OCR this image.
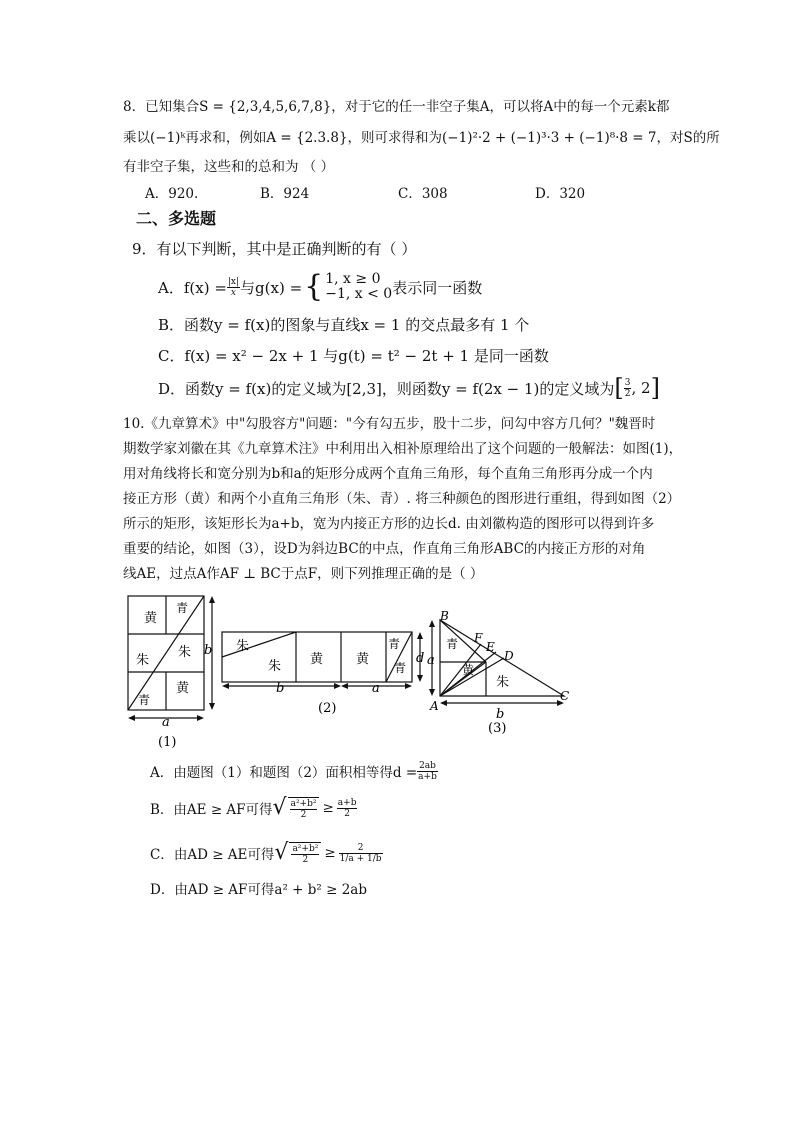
8．已知集合S = {2,3,4,5,6,7,8}，对于它的任一非空子集A，可以将A中的每一个元素k都
乘以(−1)ᵏ再求和，例如A = {2.3.8}，则可求得和为(−1)²·2 + (−1)³·3 + (−1)⁸·8 = 7，对S的所
有非空子集，这些和的总和为 （ ）
A．920.	B．924	C．308	D．320
二、多选题
9．有以下判断，其中是正确判断的有（ ）
A．$f(x) = \frac{|x|}{x}$ 与g(x) = { 1, x ≥ 0
−1, x < 0 表示同一函数
B．函数y = f(x)的图象与直线x = 1 的交点最多有 1 个
C．f(x) = x² − 2x + 1 与g(t) = t² − 2t + 1 是同一函数
D．函数y = f(x)的定义域为[2,3]，则函数y = f(2x − 1)的定义域为 [ $\frac{3}{2}$ , 2 ]
10.《九章算术》中"勾股容方"问题："今有勾五步，股十二步，问勾中容方几何？"魏晋时
期数学家刘徽在其《九章算术注》中利用出入相补原理给出了这个问题的一般解法：如图(1)，
用对角线将长和宽分别为b和a的矩形分成两个直角三角形，每个直角三角形再分成一个内
接正方形（黄）和两个小直角三角形（朱、青）. 将三种颜色的图形进行重组，得到如图（2）
所示的矩形，该矩形长为a+b，宽为内接正方形的边长d. 由刘徽构造的图形可以得到许多
重要的结论，如图（3），设D为斜边BC的中点，作直角三角形ABC的内接正方形的对角
线AE，过点A作AF ⊥ BC于点F，则下列推理正确的是（ ）
黄
青
朱
朱
青
黄
b
a
(1)
朱
朱 黄	黄
青
青
d
b	a
(2)
B
F
E
D
A
C
青
黄
朱
a
b
(3)
A．由题图（1）和题图（2）面积相等得$d = \frac{2ab}{a+b}$
B．由AE ≥ AF可得 √ $\frac{\text{a²+b²}}{2} \ge \frac{a+b}{2}$
C．由AD ≥ AE可得 √ $\frac{\text{a²+b²}}{2} \ge \frac{2}{1/a + 1/b}$
D．由AD ≥ AF可得a² + b² ≥ 2ab
